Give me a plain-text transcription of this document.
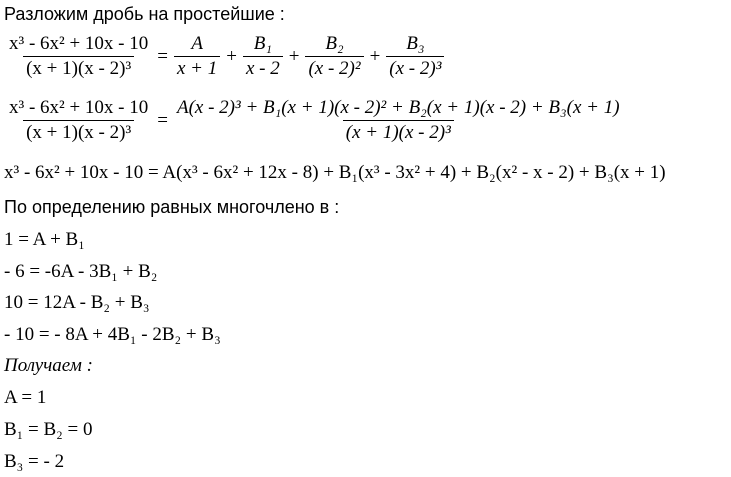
Разложим дробь на простейшие :
$\frac{\text{x³ - 6x² + 10x - 10}}{\text{(x + 1)(x - 2)³}} = \frac{A}{x + 1} + \frac{\text{B₁}}{x - 2} + \frac{\text{B₂}}{\text{(x - 2)²}} + \frac{\text{B₃}}{\text{(x - 2)³}}$
$\frac{\text{x³ - 6x² + 10x - 10}}{\text{(x + 1)(x - 2)³}} = \frac{\text{A(x - 2)³ + B₁(x + 1)(x - 2)² + B₂(x + 1)(x - 2) + B₃(x + 1)}}{\text{(x + 1)(x - 2)³}}$
x³ - 6x² + 10x - 10 = A(x³ - 6x² + 12x - 8) + B₁(x³ - 3x² + 4) + B₂(x² - x - 2) + B₃(x + 1)
По определению равных многочлено в :
1 = A + B₁
- 6 = -6A - 3B₁ + B₂
10 = 12A - B₂ + B₃
- 10 = - 8A + 4B₁ - 2B₂ + B₃
Получаем :
A = 1
B₁ = B₂ = 0
B₃ = - 2
